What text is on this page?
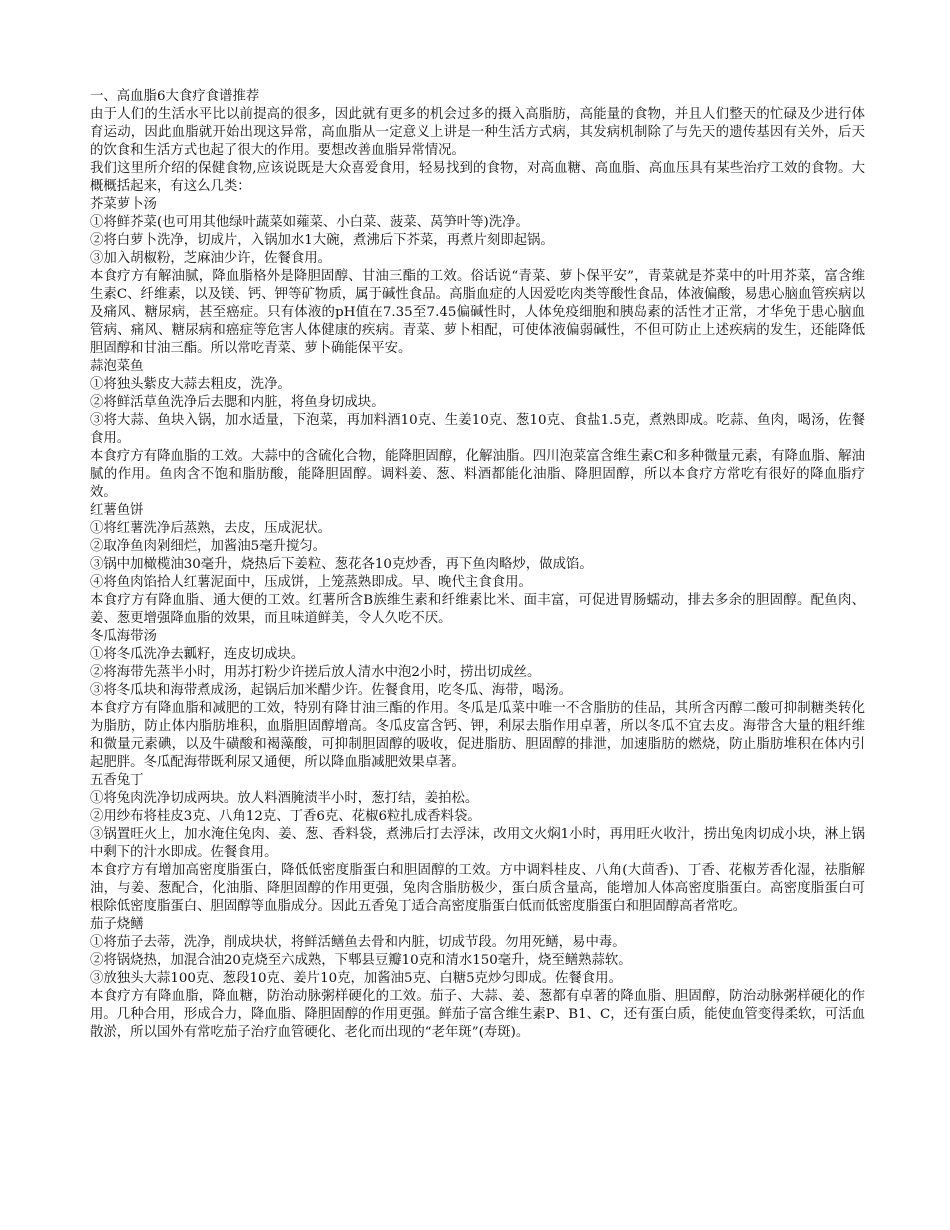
一、高血脂6大食疗食谱推荐

由于人们的生活水平比以前提高的很多，因此就有更多的机会过多的摄入高脂肪，高能量的食物，并且人们整天的忙碌及少进行体育运动，因此血脂就开始出现这异常，高血脂从一定意义上讲是一种生活方式病，其发病机制除了与先天的遗传基因有关外，后天的饮食和生活方式也起了很大的作用。要想改善血脂异常情况。

我们这里所介绍的保健食物,应该说既是大众喜爱食用，轻易找到的食物，对高血糖、高血脂、高血压具有某些治疗工效的食物。大概概括起来，有这么几类：

芥菜萝卜汤

①将鲜芥菜(也可用其他绿叶蔬菜如蕹菜、小白菜、菠菜、莴笋叶等)洗净。

②将白萝卜洗净，切成片，入锅加水1大碗，煮沸后下芥菜，再煮片刻即起锅。

③加入胡椒粉，芝麻油少许，佐餐食用。

本食疗方有解油腻，降血脂格外是降胆固醇、甘油三酯的工效。俗话说“青菜、萝卜保平安”，青菜就是芥菜中的叶用芥菜，富含维生素C、纤维素，以及镁、钙、钾等矿物质，属于碱性食品。高脂血症的人因爱吃肉类等酸性食品，体液偏酸，易患心脑血管疾病以及痛风、糖尿病，甚至癌症。只有体液的pH值在7.35至7.45偏碱性时，人体免疫细胞和胰岛素的活性才正常，才华免于患心脑血管病、痛风、糖尿病和癌症等危害人体健康的疾病。青菜、萝卜相配，可使体液偏弱碱性，不但可防止上述疾病的发生，还能降低胆固醇和甘油三酯。所以常吃青菜、萝卜确能保平安。

蒜泡菜鱼

①将独头紫皮大蒜去粗皮，洗净。

②将鲜活草鱼洗净后去腮和内脏，将鱼身切成块。

③将大蒜、鱼块入锅，加水适量，下泡菜，再加料酒10克、生姜10克、葱10克、食盐1.5克，煮熟即成。吃蒜、鱼肉，喝汤，佐餐食用。

本食疗方有降血脂的工效。大蒜中的含硫化合物，能降胆固醇，化解油脂。四川泡菜富含维生素C和多种微量元素，有降血脂、解油腻的作用。鱼肉含不饱和脂肪酸，能降胆固醇。调料姜、葱、料酒都能化油脂、降胆固醇，所以本食疗方常吃有很好的降血脂疗效。

红薯鱼饼

①将红薯洗净后蒸熟，去皮，压成泥状。

②取净鱼肉剁细烂，加酱油5毫升搅匀。

③锅中加橄榄油30毫升，烧热后下姜粒、葱花各10克炒香，再下鱼肉略炒，做成馅。

④将鱼肉馅拾人红薯泥面中，压成饼，上笼蒸熟即成。早、晚代主食食用。

本食疗方有降血脂、通大便的工效。红薯所含B族维生素和纤维素比米、面丰富，可促进胃肠蠕动，排去多余的胆固醇。配鱼肉、姜、葱更增强降血脂的效果，而且味道鲜美，令人久吃不厌。

冬瓜海带汤

①将冬瓜洗净去瓤籽，连皮切成块。

②将海带先蒸半小时，用苏打粉少许搓后放人清水中泡2小时，捞出切成丝。

③将冬瓜块和海带煮成汤，起锅后加米醋少许。佐餐食用，吃冬瓜、海带，喝汤。

本食疗方有降血脂和减肥的工效，特别有降甘油三酯的作用。冬瓜是瓜菜中唯一不含脂肪的佳品，其所含丙醇二酸可抑制糖类转化为脂肪，防止体内脂肪堆积，血脂胆固醇增高。冬瓜皮富含钙、钾，利尿去脂作用卓著，所以冬瓜不宜去皮。海带含大量的粗纤维和微量元素碘，以及牛磺酸和褐藻酸，可抑制胆固醇的吸收，促进脂肪、胆固醇的排泄，加速脂肪的燃烧，防止脂肪堆积在体内引起肥胖。冬瓜配海带既利尿又通便，所以降血脂减肥效果卓著。

五香兔丁

①将兔肉洗净切成两块。放人料酒腌渍半小时，葱打结，姜拍松。

②用纱布将桂皮3克、八角12克、丁香6克、花椒6粒扎成香料袋。

③锅置旺火上，加水淹住兔肉、姜、葱、香料袋，煮沸后打去浮沫，改用文火焖1小时，再用旺火收汁，捞出兔肉切成小块，淋上锅中剩下的汁水即成。佐餐食用。

本食疗方有增加高密度脂蛋白，降低低密度脂蛋白和胆固醇的工效。方中调料桂皮、八角(大茴香)、丁香、花椒芳香化湿，祛脂解油，与姜、葱配合，化油脂、降胆固醇的作用更强，兔肉含脂肪极少，蛋白质含量高，能增加人体高密度脂蛋白。高密度脂蛋白可根除低密度脂蛋白、胆固醇等血脂成分。因此五香兔丁适合高密度脂蛋白低而低密度脂蛋白和胆固醇高者常吃。

茄子烧鳝

①将茄子去蒂，洗净，削成块状，将鲜活鳝鱼去骨和内脏，切成节段。勿用死鳝，易中毒。

②将锅烧热，加混合油20克烧至六成熟，下郫县豆瓣10克和清水150毫升，烧至鳝熟蒜软。

③放独头大蒜100克、葱段10克、姜片10克，加酱油5克、白糖5克炒匀即成。佐餐食用。

本食疗方有降血脂，降血糖，防治动脉粥样硬化的工效。茄子、大蒜、姜、葱都有卓著的降血脂、胆固醇，防治动脉粥样硬化的作用。几种合用，形成合力，降血脂、降胆固醇的作用更强。鲜茄子富含维生素P、B1、C，还有蛋白质，能使血管变得柔软，可活血散淤，所以国外有常吃茄子治疗血管硬化、老化而出现的“老年斑”(寿斑)。
